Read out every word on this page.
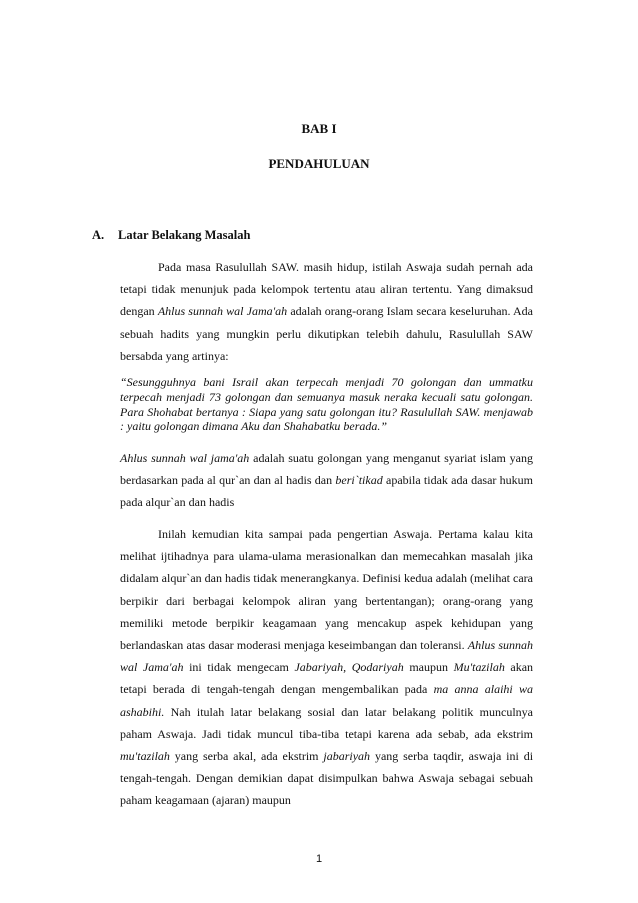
BAB I
PENDAHULUAN
A. Latar Belakang Masalah

Pada masa Rasulullah SAW. masih hidup, istilah Aswaja sudah pernah ada tetapi tidak menunjuk pada kelompok tertentu atau aliran tertentu. Yang dimaksud dengan Ahlus sunnah wal Jama'ah adalah orang-orang Islam secara keseluruhan. Ada sebuah hadits yang mungkin perlu dikutipkan telebih dahulu, Rasulullah SAW bersabda yang artinya:

“Sesungguhnya bani Israil akan terpecah menjadi 70 golongan dan ummatku terpecah menjadi 73 golongan dan semuanya masuk neraka kecuali satu golongan. Para Shohabat bertanya : Siapa yang satu golongan itu? Rasulullah SAW. menjawab : yaitu golongan dimana Aku dan Shahabatku berada.”

Ahlus sunnah wal jama'ah adalah suatu golongan yang menganut syariat islam yang berdasarkan pada al qur`an dan al hadis dan beri`tikad apabila tidak ada dasar hukum pada alqur`an dan hadis

Inilah kemudian kita sampai pada pengertian Aswaja. Pertama kalau kita melihat ijtihadnya para ulama-ulama merasionalkan dan memecahkan masalah jika didalam alqur`an dan hadis tidak menerangkanya. Definisi kedua adalah (melihat cara berpikir dari berbagai kelompok aliran yang bertentangan); orang-orang yang memiliki metode berpikir keagamaan yang mencakup aspek kehidupan yang berlandaskan atas dasar moderasi menjaga keseimbangan dan toleransi. Ahlus sunnah wal Jama'ah ini tidak mengecam Jabariyah, Qodariyah maupun Mu'tazilah akan tetapi berada di tengah-tengah dengan mengembalikan pada ma anna alaihi wa ashabihi. Nah itulah latar belakang sosial dan latar belakang politik munculnya paham Aswaja. Jadi tidak muncul tiba-tiba tetapi karena ada sebab, ada ekstrim mu'tazilah yang serba akal, ada ekstrim jabariyah yang serba taqdir, aswaja ini di tengah-tengah. Dengan demikian dapat disimpulkan bahwa Aswaja sebagai sebuah paham keagamaan (ajaran) maupun

1
